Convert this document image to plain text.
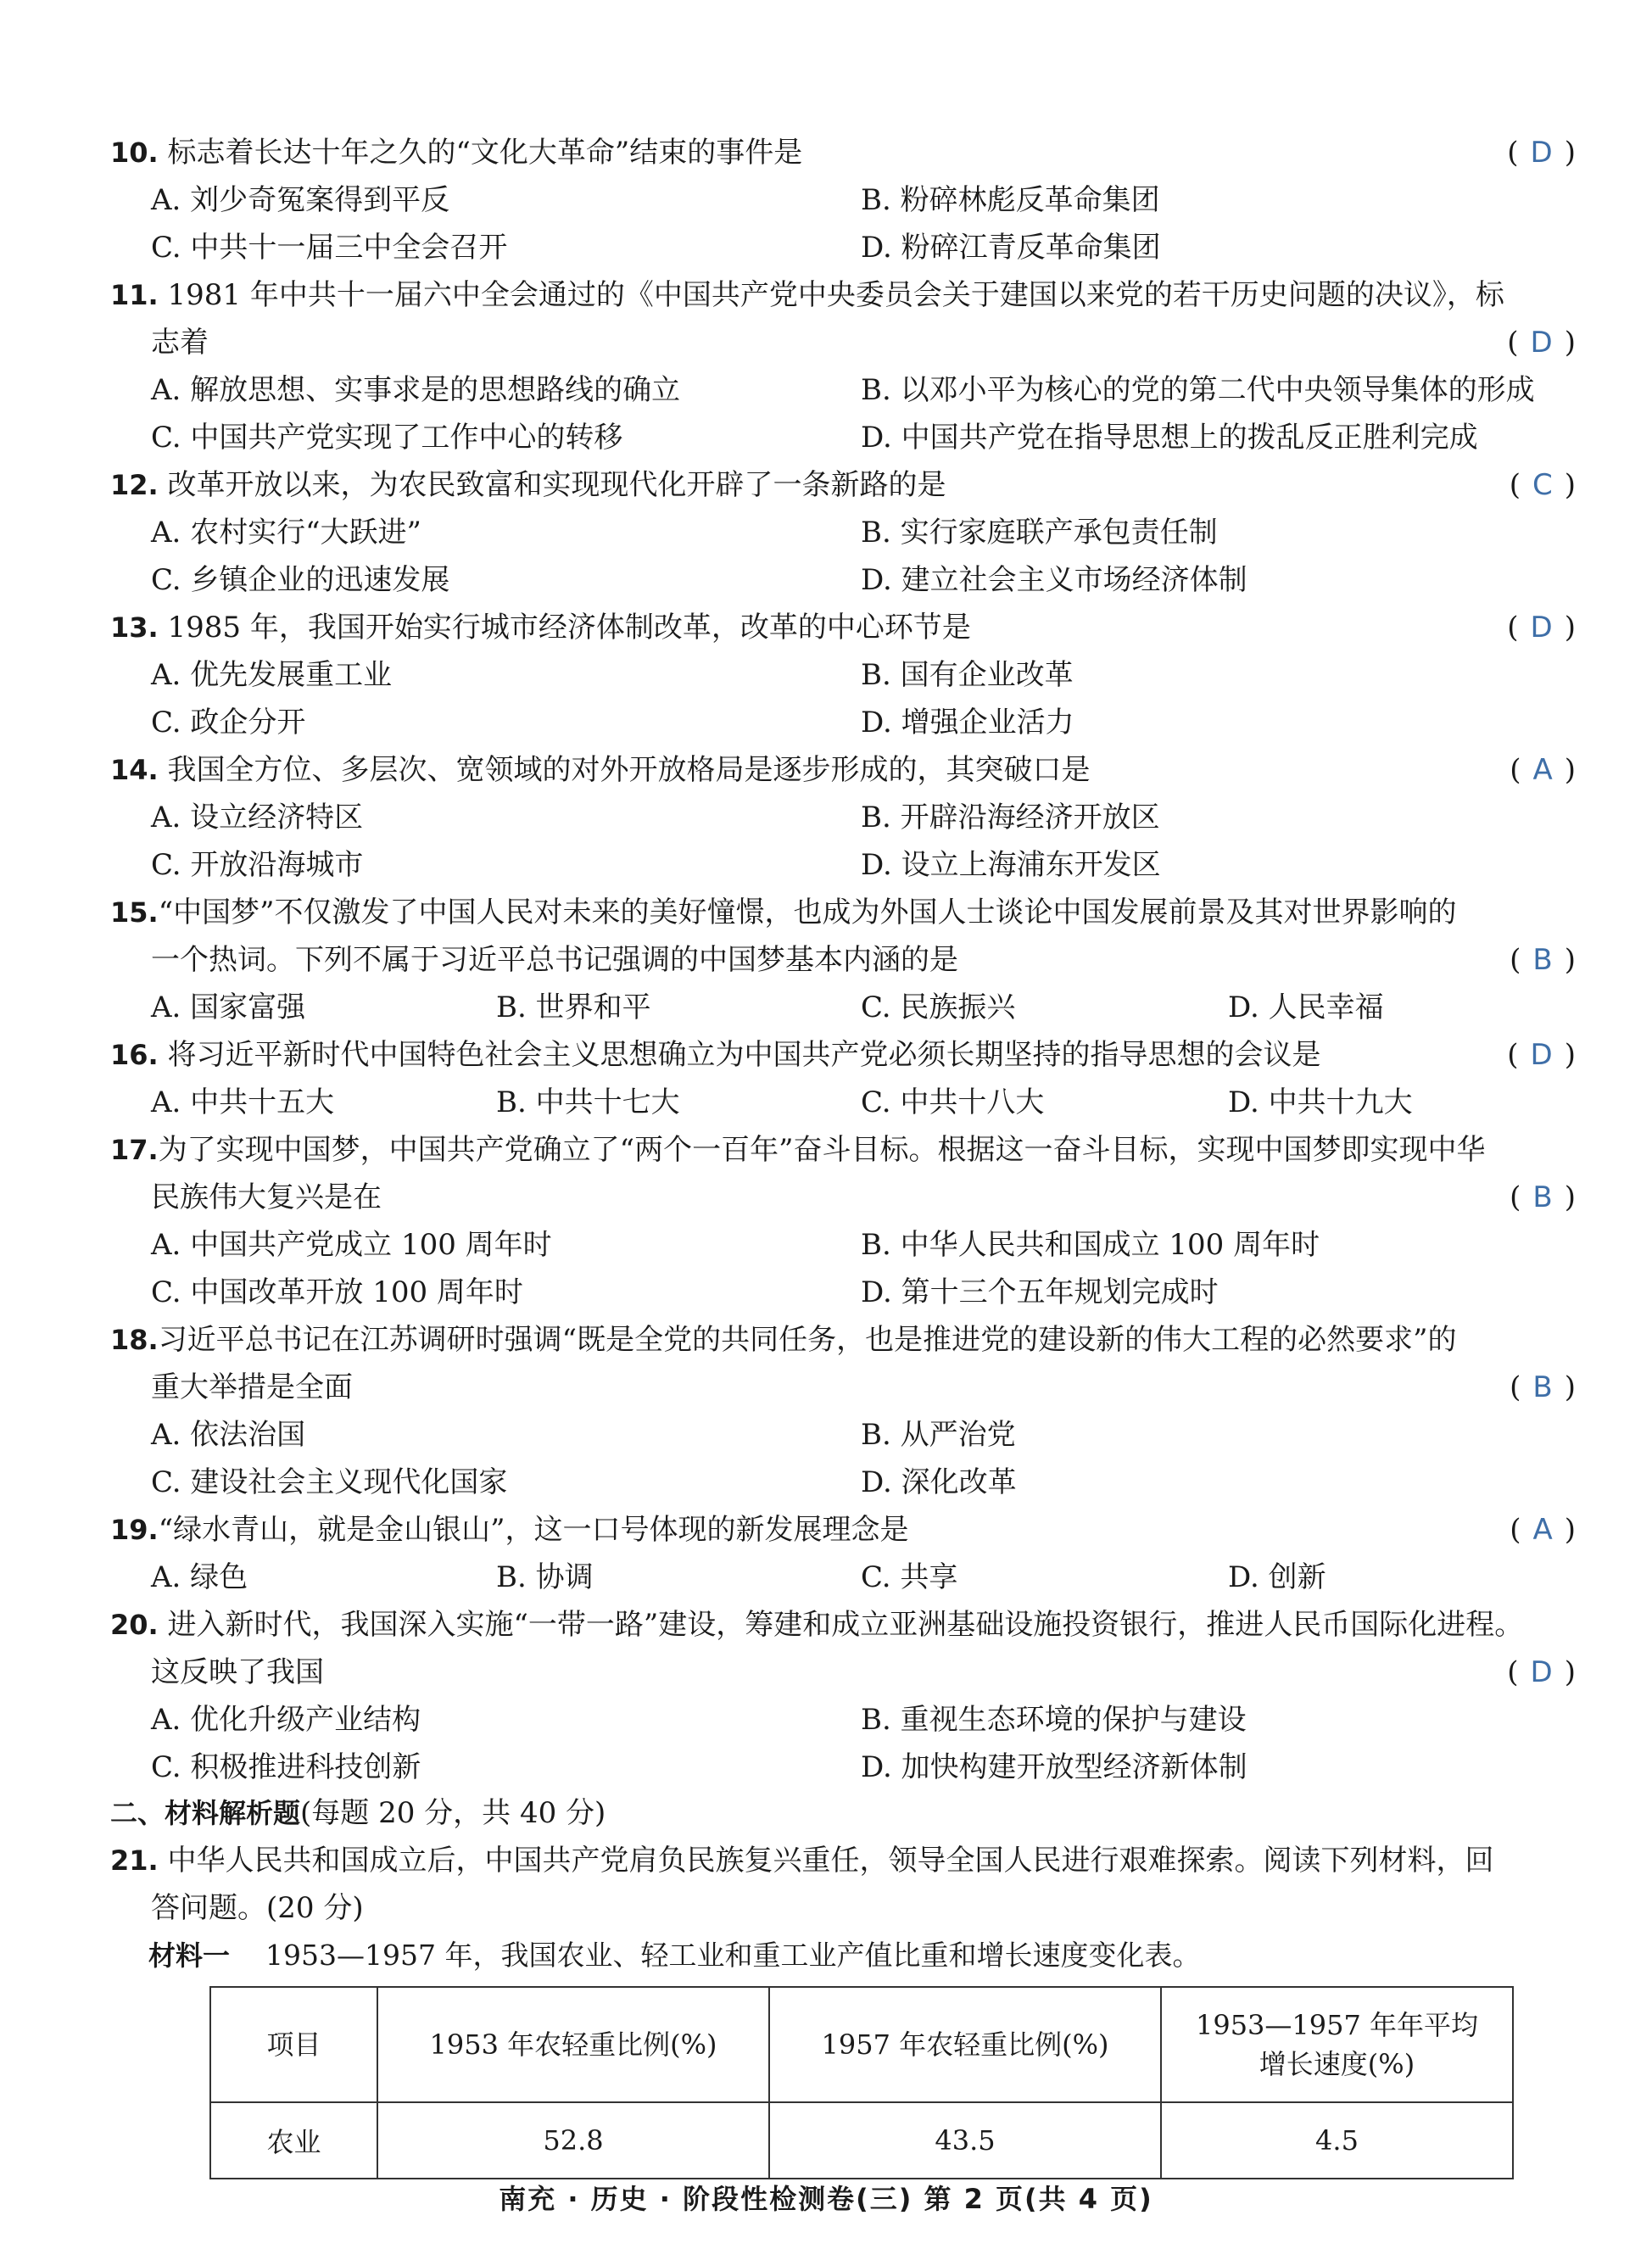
10. 标志着长达十年之久的“文化大革命”结束的事件是	( D )
A. 刘少奇冤案得到平反	B. 粉碎林彪反革命集团
C. 中共十一届三中全会召开	D. 粉碎江青反革命集团
11. 1981 年中共十一届六中全会通过的《中国共产党中央委员会关于建国以来党的若干历史问题的决议》，标
志着	( D )
A. 解放思想、实事求是的思想路线的确立	B. 以邓小平为核心的党的第二代中央领导集体的形成
C. 中国共产党实现了工作中心的转移	D. 中国共产党在指导思想上的拨乱反正胜利完成
12. 改革开放以来，为农民致富和实现现代化开辟了一条新路的是	( C )
A. 农村实行“大跃进”	B. 实行家庭联产承包责任制
C. 乡镇企业的迅速发展	D. 建立社会主义市场经济体制
13. 1985 年，我国开始实行城市经济体制改革，改革的中心环节是	( D )
A. 优先发展重工业	B. 国有企业改革
C. 政企分开	D. 增强企业活力
14. 我国全方位、多层次、宽领域的对外开放格局是逐步形成的，其突破口是	( A )
A. 设立经济特区	B. 开辟沿海经济开放区
C. 开放沿海城市	D. 设立上海浦东开发区
15.“中国梦”不仅激发了中国人民对未来的美好憧憬，也成为外国人士谈论中国发展前景及其对世界影响的
一个热词。下列不属于习近平总书记强调的中国梦基本内涵的是	( B )
A. 国家富强	B. 世界和平	C. 民族振兴	D. 人民幸福
16. 将习近平新时代中国特色社会主义思想确立为中国共产党必须长期坚持的指导思想的会议是	( D )
A. 中共十五大	B. 中共十七大	C. 中共十八大	D. 中共十九大
17.为了实现中国梦，中国共产党确立了“两个一百年”奋斗目标。根据这一奋斗目标，实现中国梦即实现中华
民族伟大复兴是在	( B )
A. 中国共产党成立 100 周年时	B. 中华人民共和国成立 100 周年时
C. 中国改革开放 100 周年时	D. 第十三个五年规划完成时
18.习近平总书记在江苏调研时强调“既是全党的共同任务，也是推进党的建设新的伟大工程的必然要求”的
重大举措是全面	( B )
A. 依法治国	B. 从严治党
C. 建设社会主义现代化国家	D. 深化改革
19.“绿水青山，就是金山银山”，这一口号体现的新发展理念是	( A )
A. 绿色	B. 协调	C. 共享	D. 创新
20. 进入新时代，我国深入实施“一带一路”建设，筹建和成立亚洲基础设施投资银行，推进人民币国际化进程。
这反映了我国	( D )
A. 优化升级产业结构	B. 重视生态环境的保护与建设
C. 积极推进科技创新	D. 加快构建开放型经济新体制
二、材料解析题(每题 20 分，共 40 分)
21. 中华人民共和国成立后，中国共产党肩负民族复兴重任，领导全国人民进行艰难探索。阅读下列材料，回
答问题。(20 分)
材料一 1953—1957 年，我国农业、轻工业和重工业产值比重和增长速度变化表。
项目	1953 年农轻重比例(%)	1957 年农轻重比例(%)	1953—1957 年年平均
增长速度(%)
农业	52.8	43.5	4.5
南充 · 历史 · 阶段性检测卷(三) 第 2 页(共 4 页)
